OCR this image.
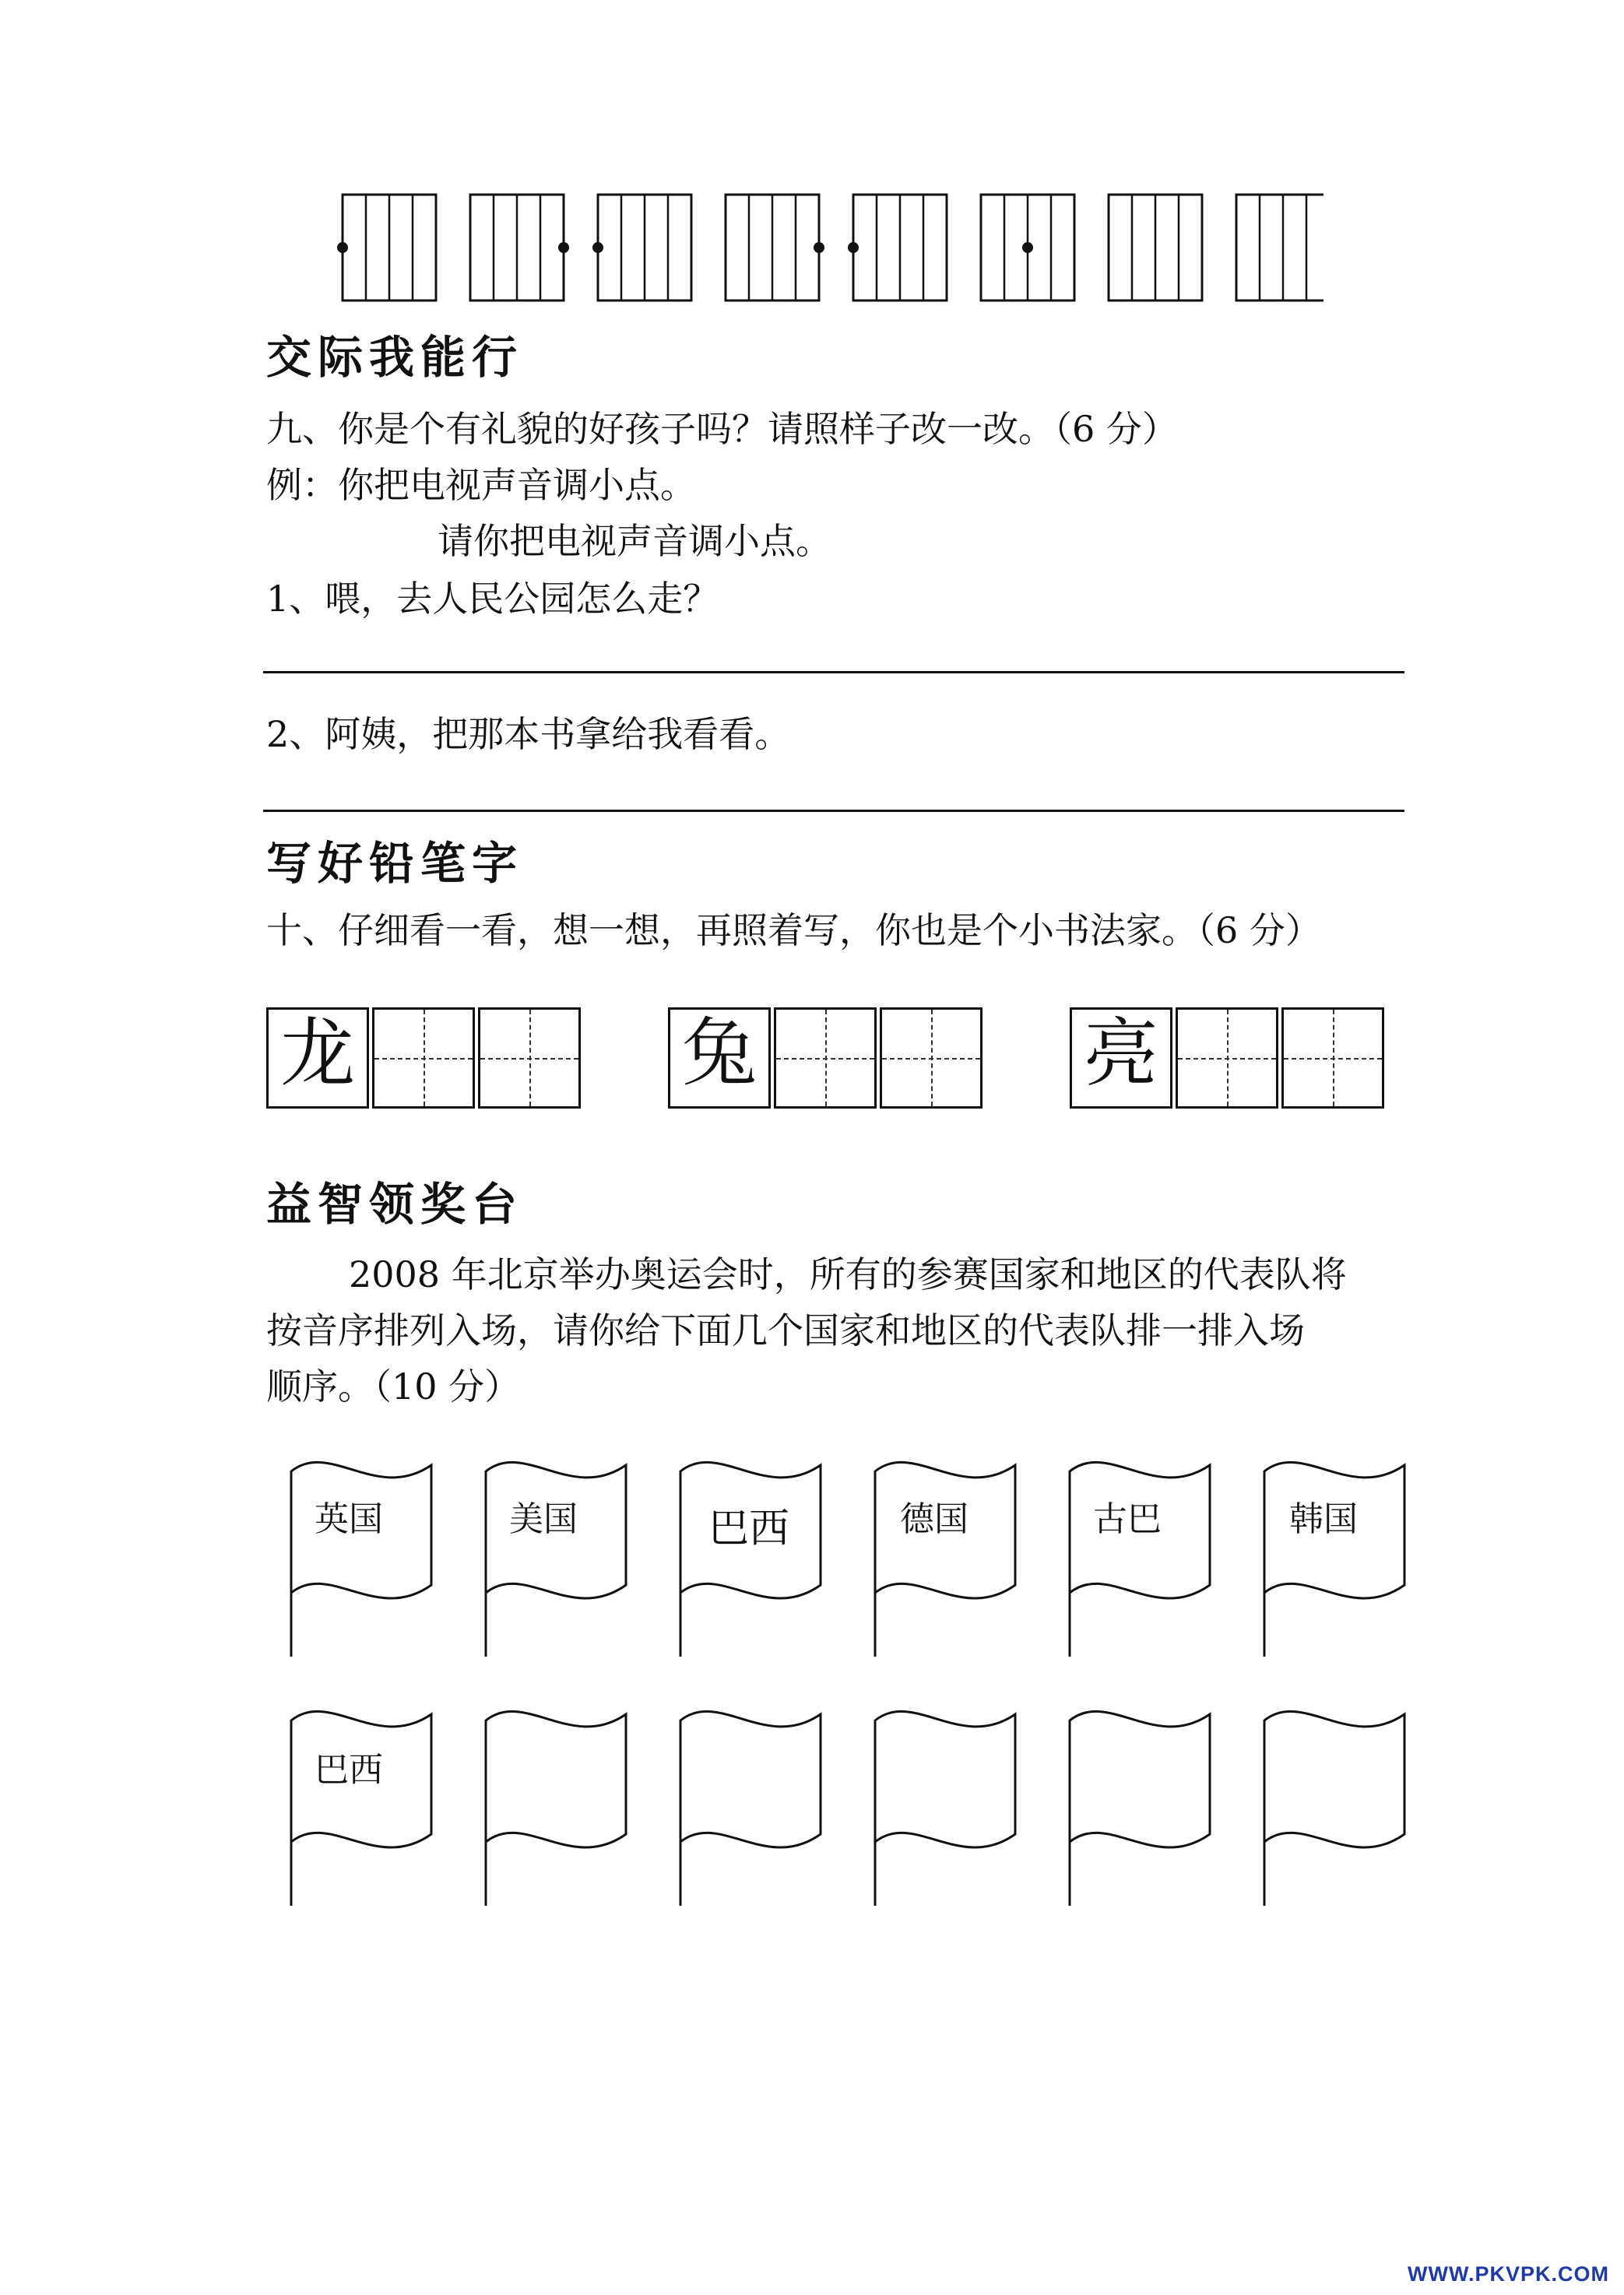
交际我能行
九、你是个有礼貌的好孩子吗？请照样子改一改。（6 分）
例：你把电视声音调小点。
请你把电视声音调小点。
1、喂，去人民公园怎么走？
2、阿姨，把那本书拿给我看看。
写好铅笔字
十、仔细看一看，想一想，再照着写，你也是个小书法家。（6 分）
龙	兔	亮
益智领奖台
2008 年北京举办奥运会时，所有的参赛国家和地区的代表队将
按音序排列入场，请你给下面几个国家和地区的代表队排一排入场
顺序。（10 分）
英国	美国	巴西	德国	古巴	韩国
巴西
WWW.PKVPK.COM
